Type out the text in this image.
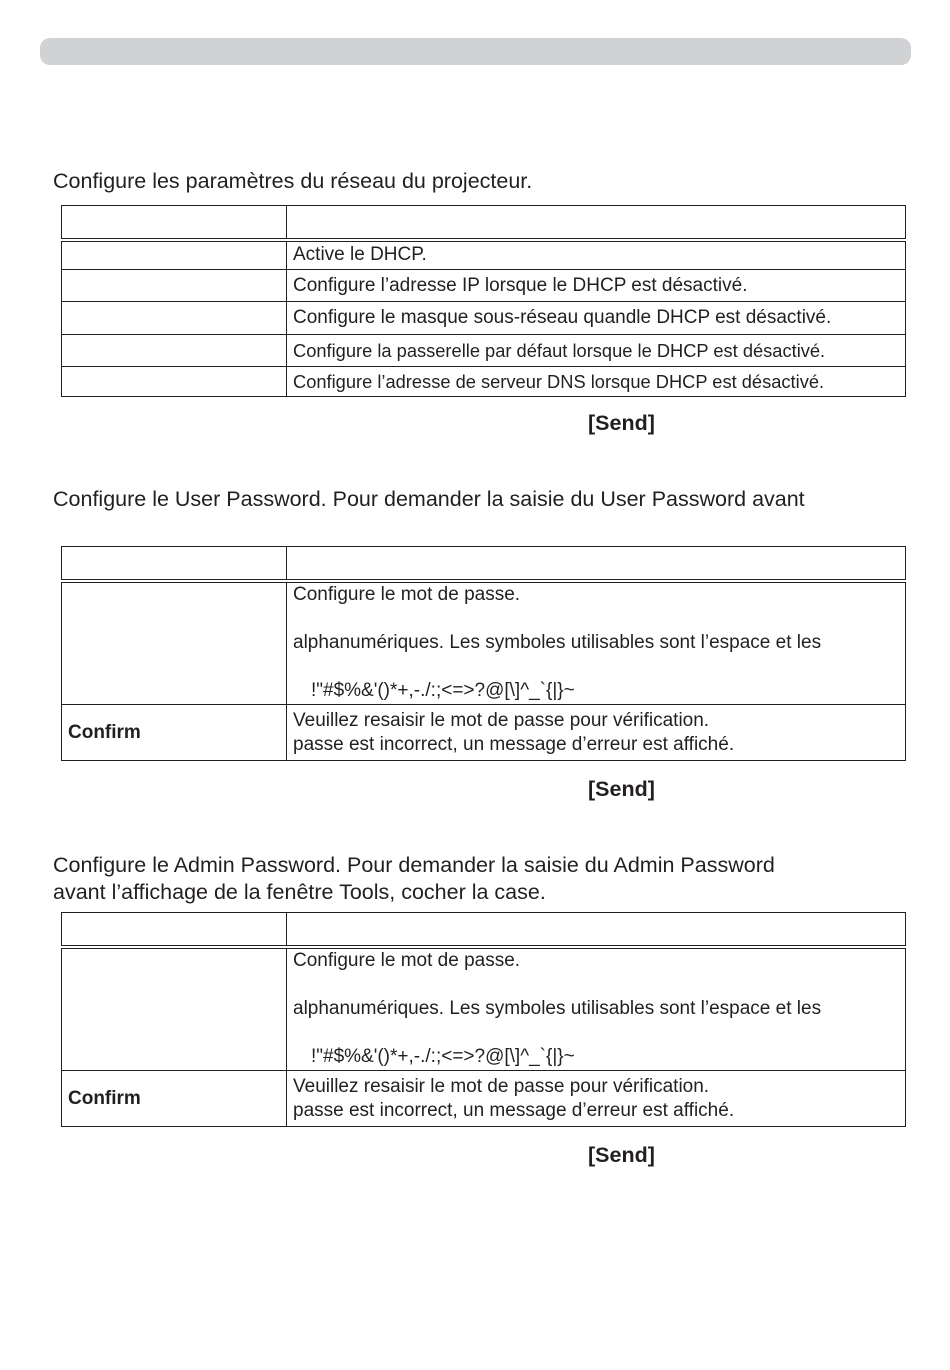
Configure les paramètres du réseau du projecteur.

	Active le DHCP.
	Configure l’adresse IP lorsque le DHCP est désactivé.
	Configure le masque sous-réseau quandle DHCP est désactivé.
	Configure la passerelle par défaut lorsque le DHCP est désactivé.
	Configure l’adresse de serveur DNS lorsque DHCP est désactivé.
[Send]

Configure le User Password. Pour demander la saisie du User Password avant

	Configure le mot de passe.
alphanumériques. Les symboles utilisables sont l’espace et les
!"#$%&'()*+,-./:;<=>?@[\]^_`{|}~

Confirm	Veuillez resaisir le mot de passe pour vérification.
passe est incorrect, un message d’erreur est affiché.
[Send]

Configure le Admin Password. Pour demander la saisie du Admin Password

avant l’affichage de la fenêtre Tools, cocher la case.

	Configure le mot de passe.
alphanumériques. Les symboles utilisables sont l’espace et les
!"#$%&'()*+,-./:;<=>?@[\]^_`{|}~

Confirm	Veuillez resaisir le mot de passe pour vérification.
passe est incorrect, un message d’erreur est affiché.
[Send]
